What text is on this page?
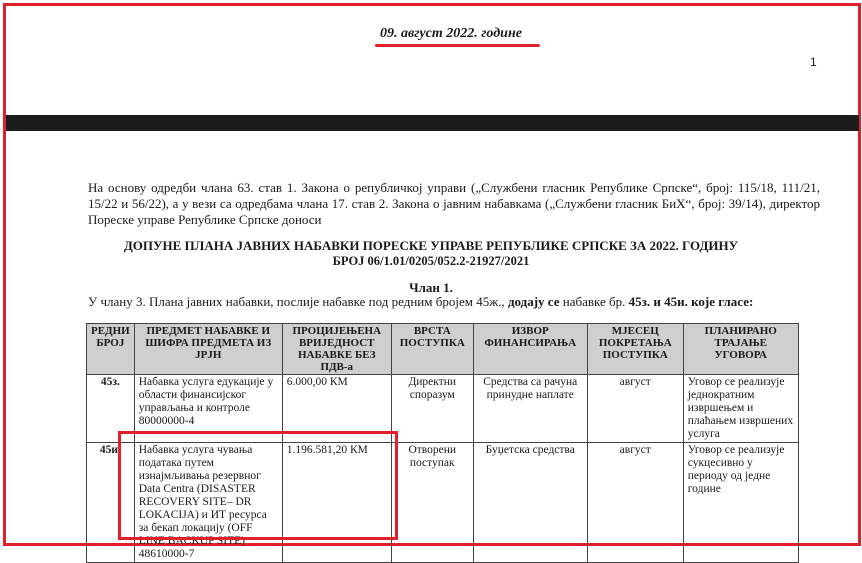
09. август 2022. године
1
На основу одредби члана 63. став 1. Закона о републичкој управи („Службени гласник Републике Српске“, број: 115/18, 111/21, 15/22 и 56/22), а у вези са одредбама члана 17. став 2. Закона о јавним набавкама („Службени гласник БиХ“, број: 39/14), директор Пореске управе Републике Српске доноси
ДОПУНЕ ПЛАНА ЈАВНИХ НАБАВКИ ПОРЕСКЕ УПРАВЕ РЕПУБЛИКЕ СРПСКЕ ЗА 2022. ГОДИНУ
БРОЈ 06/1.01/0205/052.2-21927/2021
Члан 1.
У члану 3. Плана јавних набавки, послије набавке под редним бројем 45ж., додају се набавке бр. 45з. и 45и. које гласе:
РЕДНИ БРОЈ	ПРЕДМЕТ НАБАВКЕ И ШИФРА ПРЕДМЕТА ИЗ ЈРЈН	ПРОЦИЈЕЊЕНА ВРИЈЕДНОСТ НАБАВКЕ БЕЗ ПДВ-а	ВРСТА ПОСТУПКА	ИЗВОР ФИНАНСИРАЊА	МЈЕСЕЦ ПОКРЕТАЊА ПОСТУПКА	ПЛАНИРАНО ТРАЈАЊЕ УГОВОРА
45з.	Набавка услуга едукације у области финансијског управљања и контроле 80000000-4	6.000,00 КМ	Директни споразум	Средства са рачуна принудне наплате	август	Уговор се реализује једнократним извршењем и плаћањем извршених услуга
45и.	Набавка услуга чувања података путем изнајмљивања резервног Data Centra (DISASTER RECOVERY SITE– DR LOKACIJA) и ИТ ресурса за бекап локацију (OFF LINE BACKUP SITE) 48610000-7	1.196.581,20 КМ	Отворени поступак	Буџетска средства	август	Уговор се реализује сукцесивно у периоду од једне године
